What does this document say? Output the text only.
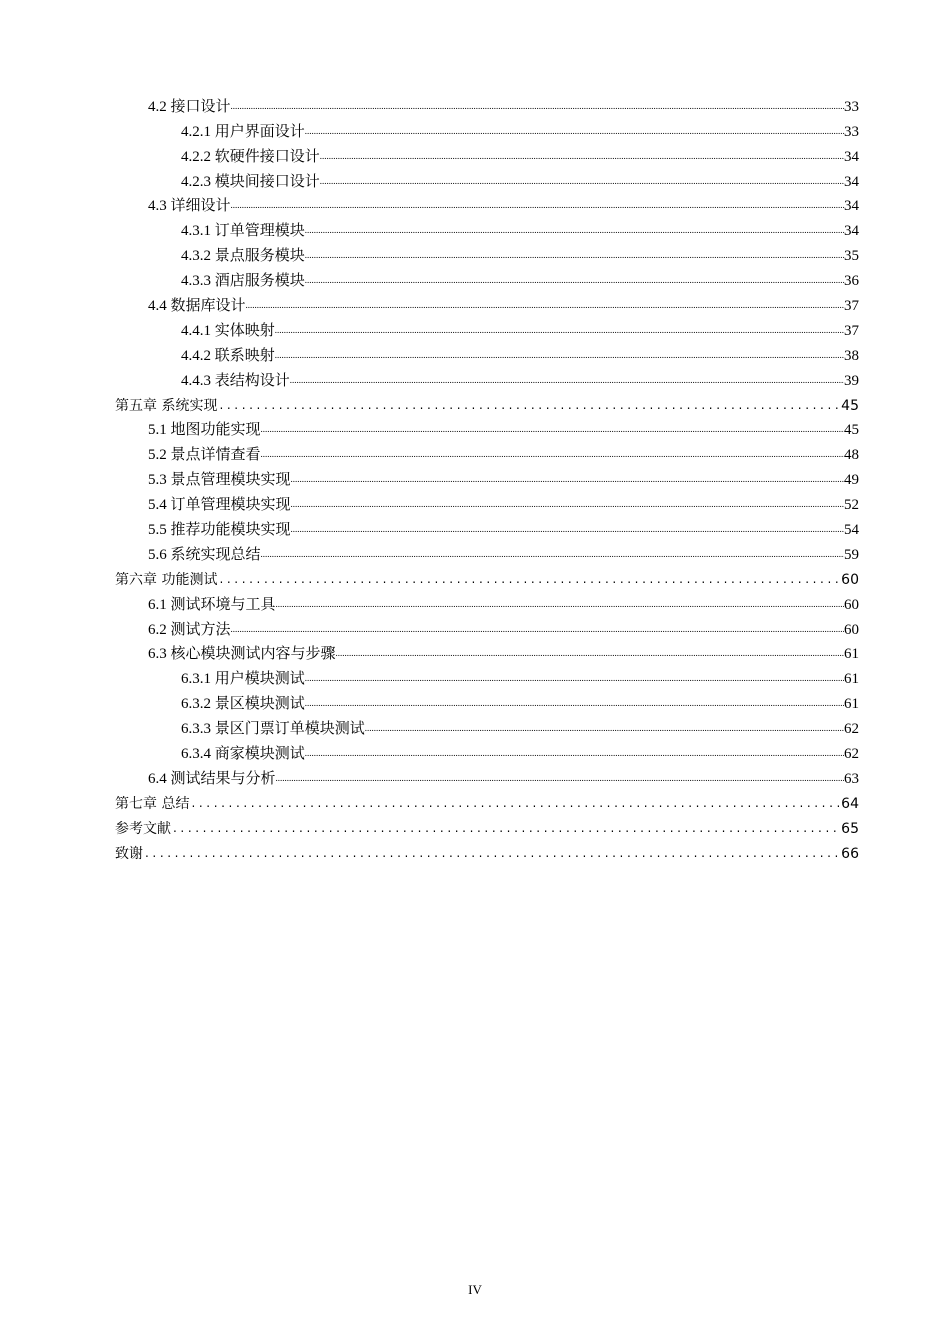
4.2 接口设计 .....	33
4.2.1 用户界面设计 .....	33
4.2.2 软硬件接口设计 .....	34
4.2.3 模块间接口设计 .....	34
4.3 详细设计 .....	34
4.3.1 订单管理模块 .....	34
4.3.2 景点服务模块 .....	35
4.3.3 酒店服务模块 .....	36
4.4 数据库设计 .....	37
4.4.1 实体映射 .....	37
4.4.2 联系映射 .....	38
4.4.3 表结构设计 .....	39
第五章 系统实现 .....	45
5.1 地图功能实现 .....	45
5.2 景点详情查看 .....	48
5.3 景点管理模块实现 .....	49
5.4 订单管理模块实现 .....	52
5.5 推荐功能模块实现 .....	54
5.6 系统实现总结 .....	59
第六章 功能测试 .....	60
6.1 测试环境与工具 .....	60
6.2 测试方法 .....	60
6.3 核心模块测试内容与步骤 .....	61
6.3.1 用户模块测试 .....	61
6.3.2 景区模块测试 .....	61
6.3.3 景区门票订单模块测试 .....	62
6.3.4 商家模块测试 .....	62
6.4 测试结果与分析 .....	63
第七章 总结 .....	64
参考文献 .....	65
致谢 .....	66
IV
